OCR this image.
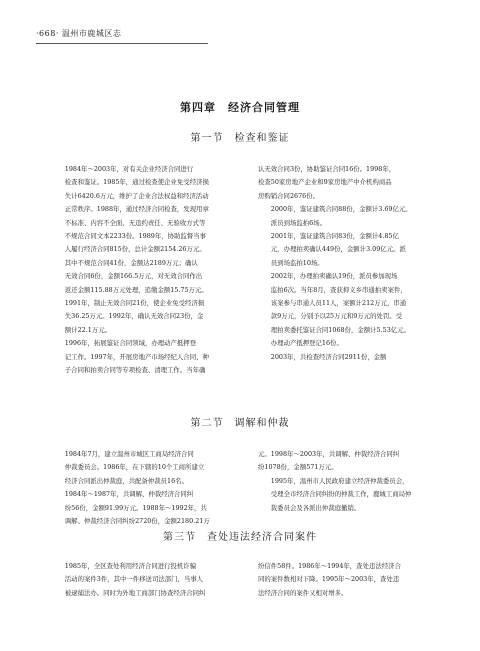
·668· 温州市鹿城区志
第四章　经济合同管理
第一节　检查和鉴证

1984年～2003年，对有关企业经济合同进行
检查和鉴证。1985年，通过检查使企业免受经济损
失计6420.6万元，维护了企业合法权益和经济活动
正常秩序。1988年，通过经济合同检查，发现用章
不标准、内容不全面、无违约责任、无验收方式等
不规范合同文本2233份。1989年，协助监督当事
人履行经济合同815份，总计金额2154.26万元。
其中不规范合同41份，金额达2189万元；确认
无效合同6份，金额166.5万元，对无效合同作出
返还金额115.88万元处理，追缴金额15.75万元。
1991年，制止无效合同21份，使企业免受经济损
失36.25万元。1992年，确认无效合同23份，金
额计22.1万元。

1996年，拓展鉴证合同领域，办理动产抵押登
记工作。1997年，开展房地产市场经纪人合同、种
子合同和拍卖合同等专项检查、清理工作。当年确

认无效合同3份，协助鉴证合同16份。1998年，
检查50家房地产企业和9家房地产中介机构商品
房购销合同2676份。

2000年，鉴证建筑合同88份，金额计3.69亿元。
派员到场监拍6场。

2001年，鉴证建筑合同83份，金额计4.85亿
元，办理拍卖确认449份，金额计3.09亿元。派
员到场监拍10场。

2002年，办理拍卖确认19份，派员参加现场
监拍6次。当年8月，查获抑义乡串通拍卖案件，
该案参与串通人员11人，案额计212万元，串通
款9万元，分别予以25万元和9万元的处罚。受
理拍卖委托鉴证合同1068份，金额计5.53亿元。
办理动产抵押登记16份。

2003年，共检查经济合同2911份，金额

第二节　调解和仲裁

1984年7月，建立温州市城区工商局经济合同
仲裁委员会。1986年，在下辖的10个工商所建立
经济合同派出仲裁庭，共配备仲裁员16名。

1984年～1987年，共调解、仲裁经济合同纠
纷56份，金额91.99万元。1988年～1992年，共
调解、仲裁经济合同纠纷2720份，金额2180.21万

元。1998年～2003年，共调解、仲裁经济合同纠
纷1078份，金额571万元。

1995年，温州市人民政府建立经济仲裁委员会，
受理全市经济合同纠纷的仲裁工作，鹿城工商局仲
裁委员会及各派出仲裁庭撤销。

第三节　查处违法经济合同案件

1985年，全区查处利用经济合同进行投机诈骗
活动的案件3件，其中一件移送司法部门，当事人
被逮捕法办。同时为外地工商部门协查经济合同纠

纷信件58件。1986年～1994年，查处违法经济合
同的案件数相对下降。1995年～2003年，查处违
法经济合同的案件又相对增多。
